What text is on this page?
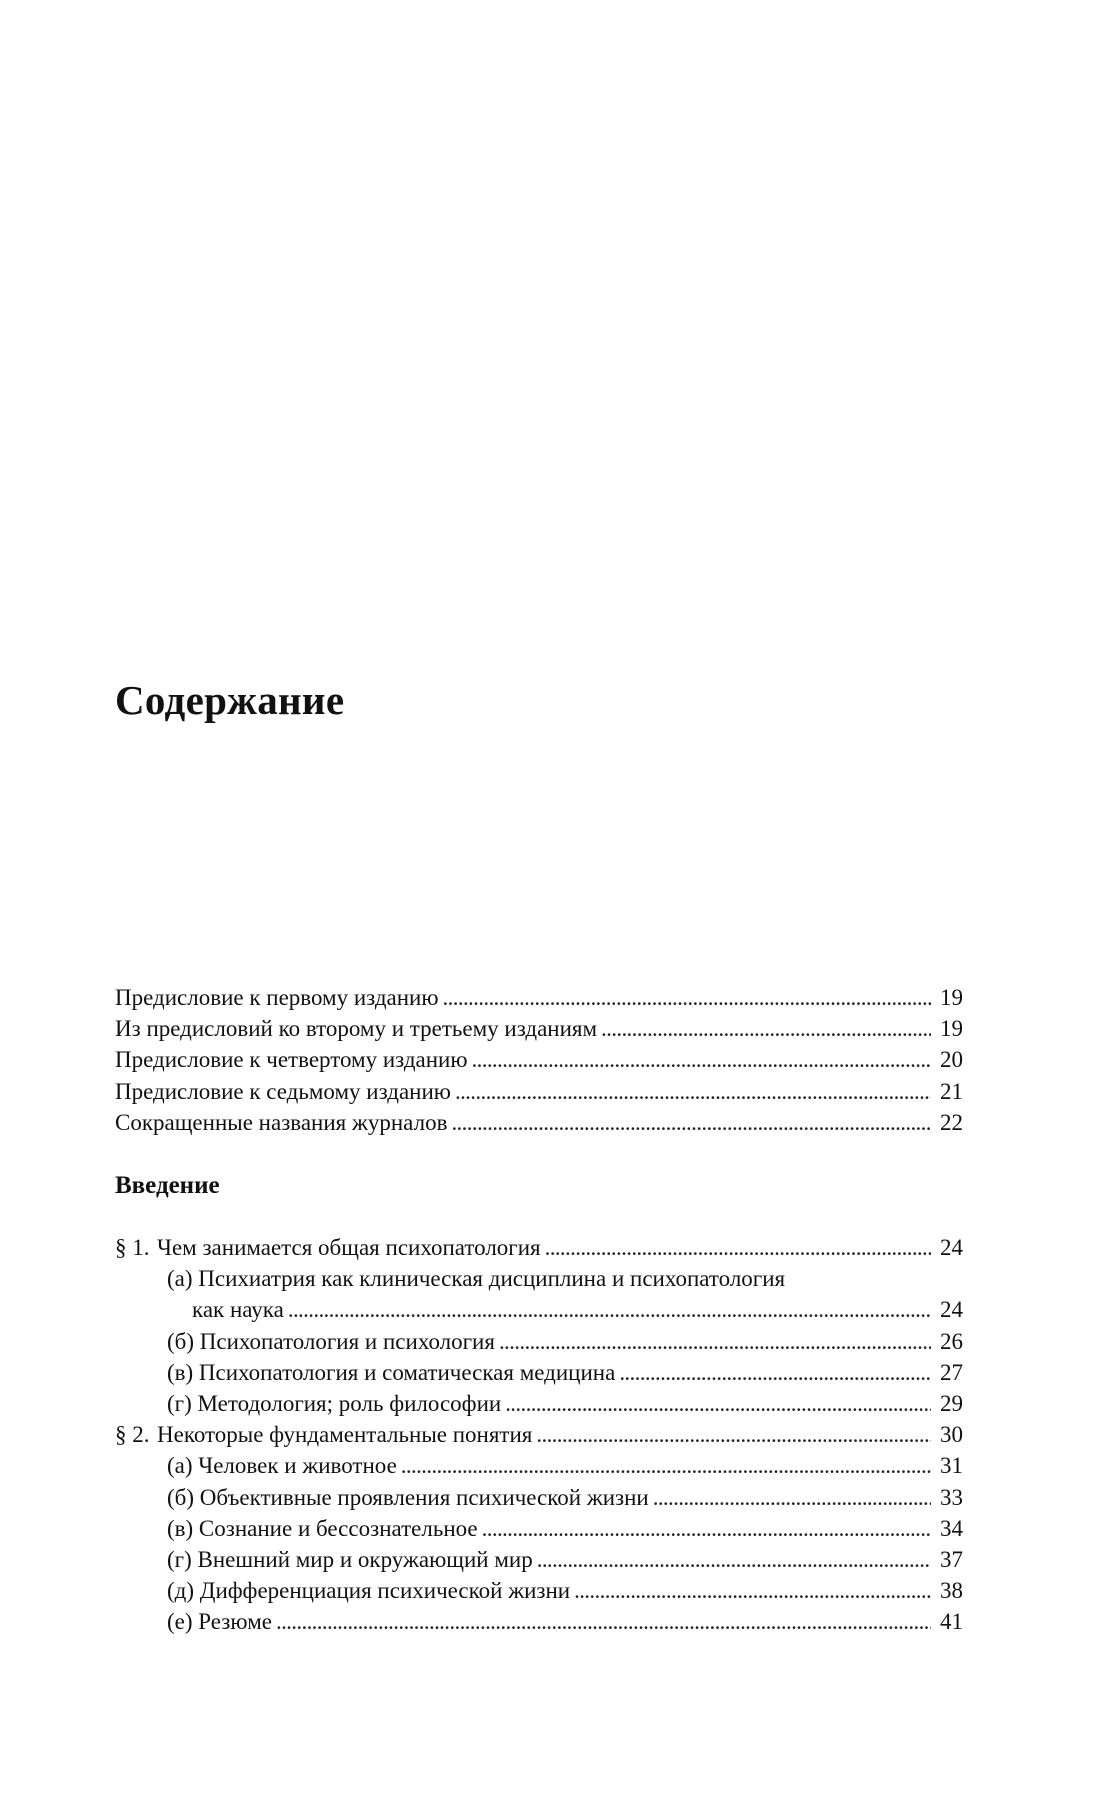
Содержание
Предисловие к первому изданию . . .	19
Из предисловий ко второму и третьему изданиям . . .	19
Предисловие к четвертому изданию . . .	20
Предисловие к седьмому изданию . . .	21
Сокращенные названия журналов . . .	22
Введение
§ 1. Чем занимается общая психопатология . . .	24
(а) Психиатрия как клиническая дисциплина и психопатология
как наука . . .	24
(б) Психопатология и психология . . .	26
(в) Психопатология и соматическая медицина . . .	27
(г) Методология; роль философии . . .	29
§ 2. Некоторые фундаментальные понятия . . .	30
(а) Человек и животное . . .	31
(б) Объективные проявления психической жизни . . .	33
(в) Сознание и бессознательное . . .	34
(г) Внешний мир и окружающий мир . . .	37
(д) Дифференциация психической жизни . . .	38
(е) Резюме . . .	41
